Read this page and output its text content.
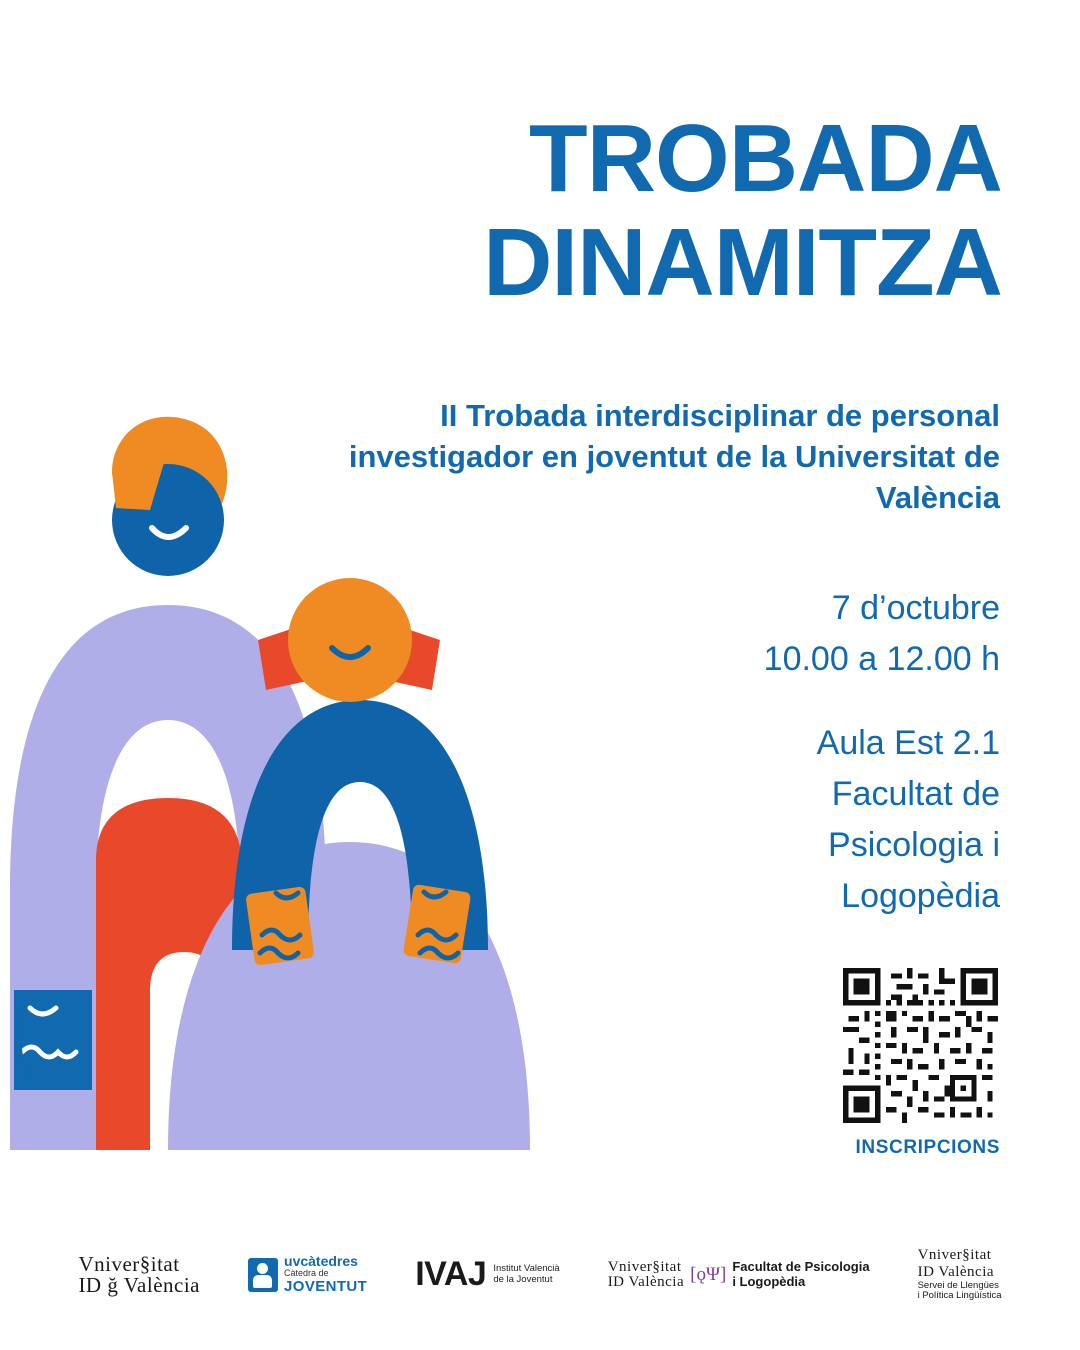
TROBADA
DINAMITZA
II Trobada interdisciplinar de personal investigador en joventut de la Universitat de València
7 d’octubre
10.00 a 12.00 h
Aula Est 2.1
Facultat de
Psicologia i
Logopèdia
INSCRIPCIONS
Vniver§itat
ID ğ València
uvcàtedres
Càtedra de
JOVENTUT IVAJ Institut Valencià
de la Joventut
Vniver§itat
ID València [ǫΨ] Facultat de Psicologia
i Logopèdia
Vniver§itat
ID València
Servei de Llengües
i Política Lingüística
